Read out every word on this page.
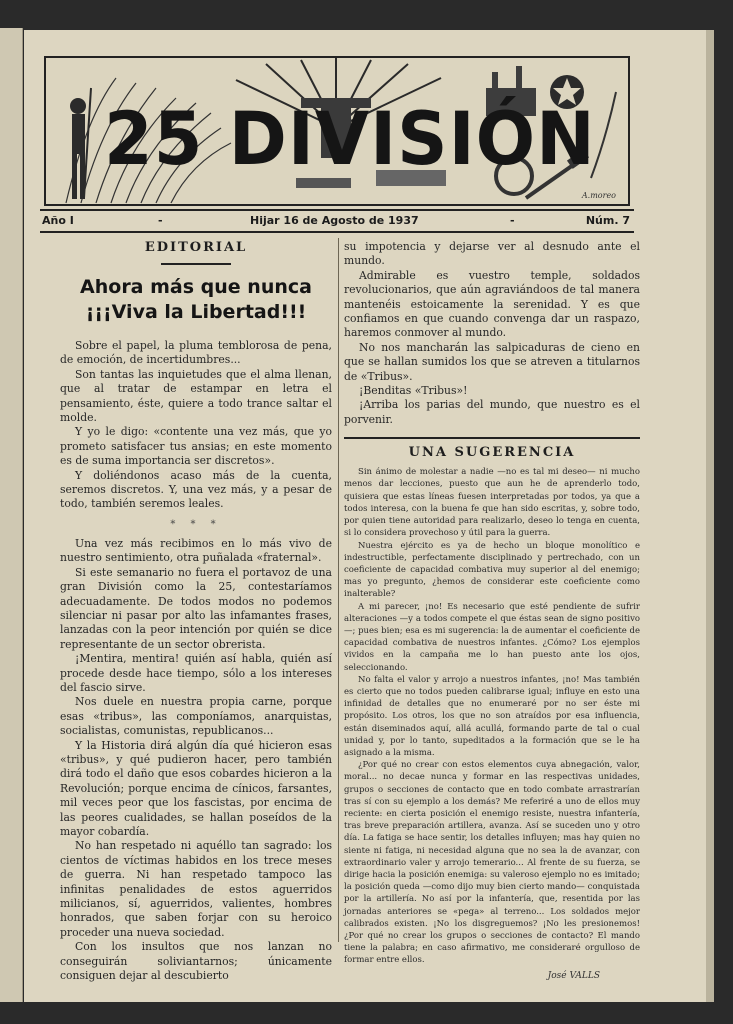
25 DIVISIÓN
A.moreo
Año I	-	Hijar 16 de Agosto de 1937	-	Núm. 7
EDITORIAL
Ahora más que nunca
¡¡¡Viva la Libertad!!!

Sobre el papel, la pluma temblorosa de pena, de emoción, de incertidumbres...

Son tantas las inquietudes que el alma llenan, que al tratar de estampar en letra el pensamiento, éste, quiere a todo trance saltar el molde.

Y yo le digo: «contente una vez más, que yo prometo satisfacer tus ansias; en este momento es de suma importancia ser discretos».

Y doliéndonos acaso más de la cuenta, seremos discretos. Y, una vez más, y a pesar de todo, también seremos leales.

* * *

Una vez más recibimos en lo más vivo de nuestro sentimiento, otra puñalada «fraternal».

Si este semanario no fuera el portavoz de una gran División como la 25, contestaríamos adecuadamente. De todos modos no podemos silenciar ni pasar por alto las infamantes frases, lanzadas con la peor intención por quién se dice representante de un sector obrerista.

¡Mentira, mentira! quién así habla, quién así procede desde hace tiempo, sólo a los intereses del fascio sirve.

Nos duele en nuestra propia carne, porque esas «tribus», las componíamos, anarquistas, socialistas, comunistas, republicanos...

Y la Historia dirá algún día qué hicieron esas «tribus», y qué pudieron hacer, pero también dirá todo el daño que esos cobardes hicieron a la Revolución; porque encima de cínicos, farsantes, mil veces peor que los fascistas, por encima de las peores cualidades, se hallan poseídos de la mayor cobardía.

No han respetado ni aquéllo tan sagrado: los cientos de víctimas habidos en los trece meses de guerra. Ni han respetado tampoco las infinitas penalidades de estos aguerridos milicianos, sí, aguerridos, valientes, hombres honrados, que saben forjar con su heroico proceder una nueva sociedad.

Con los insultos que nos lanzan no conseguirán soliviantarnos; únicamente consiguen dejar al descubierto

su impotencia y dejarse ver al desnudo ante el mundo.

Admirable es vuestro temple, soldados revolucionarios, que aún agraviándoos de tal manera mantenéis estoicamente la serenidad. Y es que confiamos en que cuando convenga dar un raspazo, haremos conmover al mundo.

No nos mancharán las salpicaduras de cieno en que se hallan sumidos los que se atreven a titularnos de «Tribus».

¡Benditas «Tribus»!

¡Arriba los parias del mundo, que nuestro es el porvenir.

UNA SUGERENCIA

Sin ánimo de molestar a nadie —no es tal mi deseo— ni mucho menos dar lecciones, puesto que aun he de aprenderlo todo, quisiera que estas líneas fuesen interpretadas por todos, ya que a todos interesa, con la buena fe que han sido escritas, y, sobre todo, por quien tiene autoridad para realizarlo, deseo lo tenga en cuenta, si lo considera provechoso y útil para la guerra.

Nuestra ejército es ya de hecho un bloque monolítico e indestructible, perfectamente disciplinado y pertrechado, con un coeficiente de capacidad combativa muy superior al del enemigo; mas yo pregunto, ¿hemos de considerar este coeficiente como inalterable?

A mi parecer, ¡no! Es necesario que esté pendiente de sufrir alteraciones —y a todos compete el que éstas sean de signo positivo—; pues bien; esa es mi sugerencia: la de aumentar el coeficiente de capacidad combativa de nuestros infantes. ¿Cómo? Los ejemplos vividos en la campaña me lo han puesto ante los ojos, seleccionando.

No falta el valor y arrojo a nuestros infantes, ¡no! Mas también es cierto que no todos pueden calibrarse igual; influye en esto una infinidad de detalles que no enumeraré por no ser éste mi propósito. Los otros, los que no son atraídos por esa influencia, están diseminados aquí, allá acullá, formando parte de tal o cual unidad y, por lo tanto, supeditados a la formación que se le ha asignado a la misma.

¿Por qué no crear con estos elementos cuya abnegación, valor, moral... no decae nunca y formar en las respectivas unidades, grupos o secciones de contacto que en todo combate arrastrarían tras sí con su ejemplo a los demás? Me referiré a uno de ellos muy reciente: en cierta posición el enemigo resiste, nuestra infantería, tras breve preparación artillera, avanza. Así se suceden uno y otro día. La fatiga se hace sentir, los detalles influyen; mas hay quien no siente ni fatiga, ni necesidad alguna que no sea la de avanzar, con extraordinario valer y arrojo temerario... Al frente de su fuerza, se dirige hacia la posición enemiga: su valeroso ejemplo no es imitado; la posición queda —como dijo muy bien cierto mando— conquistada por la artillería. No así por la infantería, que, resentida por las jornadas anteriores se «pega» al terreno... Los soldados mejor calibrados existen. ¡No los disgreguemos? ¡No les presionemos! ¿Por qué no crear los grupos o secciones de contacto? El mando tiene la palabra; en caso afirmativo, me consideraré orgulloso de formar entre ellos.

José VALLS
